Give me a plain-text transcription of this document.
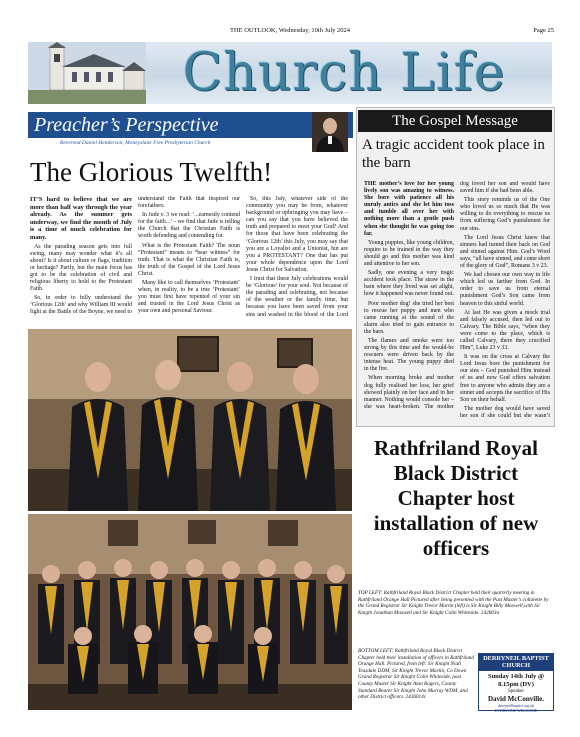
THE OUTLOOK, Wednesday, 10th July 2024	Page 25
Church Life
Preacher’s Perspective
Reverend Daniel Henderson, Moneyslane Free Presbyterian Church
The Glorious Twelfth!

IT’S hard to believe that we are more than half way through the year already. As the summer gets underway, we find the month of July is a time of much celebration for many.

As the parading season gets into full swing, many may wonder what it’s all about? Is it about culture or flags, tradition or heritage? Partly, but the main focus has got to be the celebration of civil and religious liberty to hold to the Protestant Faith.

So, in order to fully understand the ‘Glorious 12th’ and why William III would fight at the Battle of the Boyne, we need to understand the Faith that inspired our forefathers.

In Jude v. 3 we read: ‘...earnestly contend for the faith...’ – we find that Jude is telling the Church that the Christian Faith is worth defending and contending for.

What is the Protestant Faith? The noun “Protestant” means to “bear witness” for truth. That is what the Christian Faith is, the truth of the Gospel of the Lord Jesus Christ.

Many like to call themselves ‘Protestant’ when, in reality, to be a true ‘Protestant’ you must first have repented of your sin and trusted in the Lord Jesus Christ as your own and personal Saviour.

So, this July, whatever side of the community you may be from, whatever background or upbringing you may have – can you say that you have believed the truth and prepared to meet your God? And for those that have been celebrating the ‘Glorious 12th’ this July, you may say that you are a Loyalist and a Unionist, but are you a PROTESTANT? One that has put your whole dependence upon the Lord Jesus Christ for Salvation.

I trust that these July celebrations would be ‘Glorious’ for your soul. Not because of the parading and celebrating, not because of the weather or the family time, but because you have been saved from your sins and washed in the blood of the Lord

The Gospel Message
A tragic accident took place in the barn

THE mother’s love for her young lively son was amazing to witness. She bore with patience all his unruly antics and she let him toss and tumble all over her with nothing more than a gentle push when she thought he was going too far.

Young puppies, like young children, require to be trained in the way they should go and this mother was kind and attentive to her son.

Sadly, one evening a very tragic accident took place. The straw in the barn where they lived was set alight, how it happened was never found out.

Poor mother dog! she tried her best to rescue her puppy and men who came running at the sound of the alarm also tried to gain entrance to the barn.

The flames and smoke were too strong by this time and the would-be rescuers were driven back by the intense heat. The young puppy died in the fire.

When morning broke and mother dog fully realised her loss, her grief showed plainly on her face and in her manner. Nothing would console her – she was heart-broken. The mother dog loved her son and would have saved him if she had been able.

This story reminds us of the One who loved us so much that He was willing to do everything to rescue us from suffering God’s punishment for our sins.

The Lord Jesus Christ knew that sinners had turned their back on God and sinned against Him. God’s Word says, “all have sinned, and come short of the glory of God”, Romans 3 v 23.

We had chosen our own way in life which led us farther from God. In order to save us from eternal punishment God’s Son came from heaven to this sinful world.

At last He was given a mock trial and falsely accused, then led out to Calvary. The Bible says, “when they were come to the place, which is called Calvary, there they crucified Him”, Luke 23 v 33.

It was on the cross at Calvary the Lord Jesus bore the punishment for our sins – God punished Him instead of us and now God offers salvation free to anyone who admits they are a sinner and accepts the sacrifice of His Son on their behalf.

The mother dog would have saved her son if she could but she wasn’t

Rathfriland Royal Black District Chapter host installation of new officers
TOP LEFT: Rathfriland Royal Black District Chapter held their quarterly meeting in Rathfriland Orange Hall Pictured after being presented with the Past Master’s collarette by the Grand Registrar Sir Knight Trevor Martin (left) is Sir Knight Billy Maxwell,with Sir Knight Jonathan Maxwell and Sir Knight Colin Whiteside. 242603a
BOTTOM LEFT: Rathfriland Royal Black District Chapter held their installation of officers in Rathfriland Orange Hall. Pictured, from left: Sir Knight Niall Teasdale DDM, Sir Knight Trevor Martin, Co Down Grand Registrar Sir Knight Colin Whiteside, past County Master Sir Knight Alan Rogers, County Standard Bearer Sir Knight John Murray WDM, and other District officers. 2426014c
DERRYNEIL BAPTIST CHURCH
Sunday 14th July @ 8.15pm (DV)
Speaker
David McConville.
derryneilbaptist.org.uk
~ EVERYONE WELCOME ~
